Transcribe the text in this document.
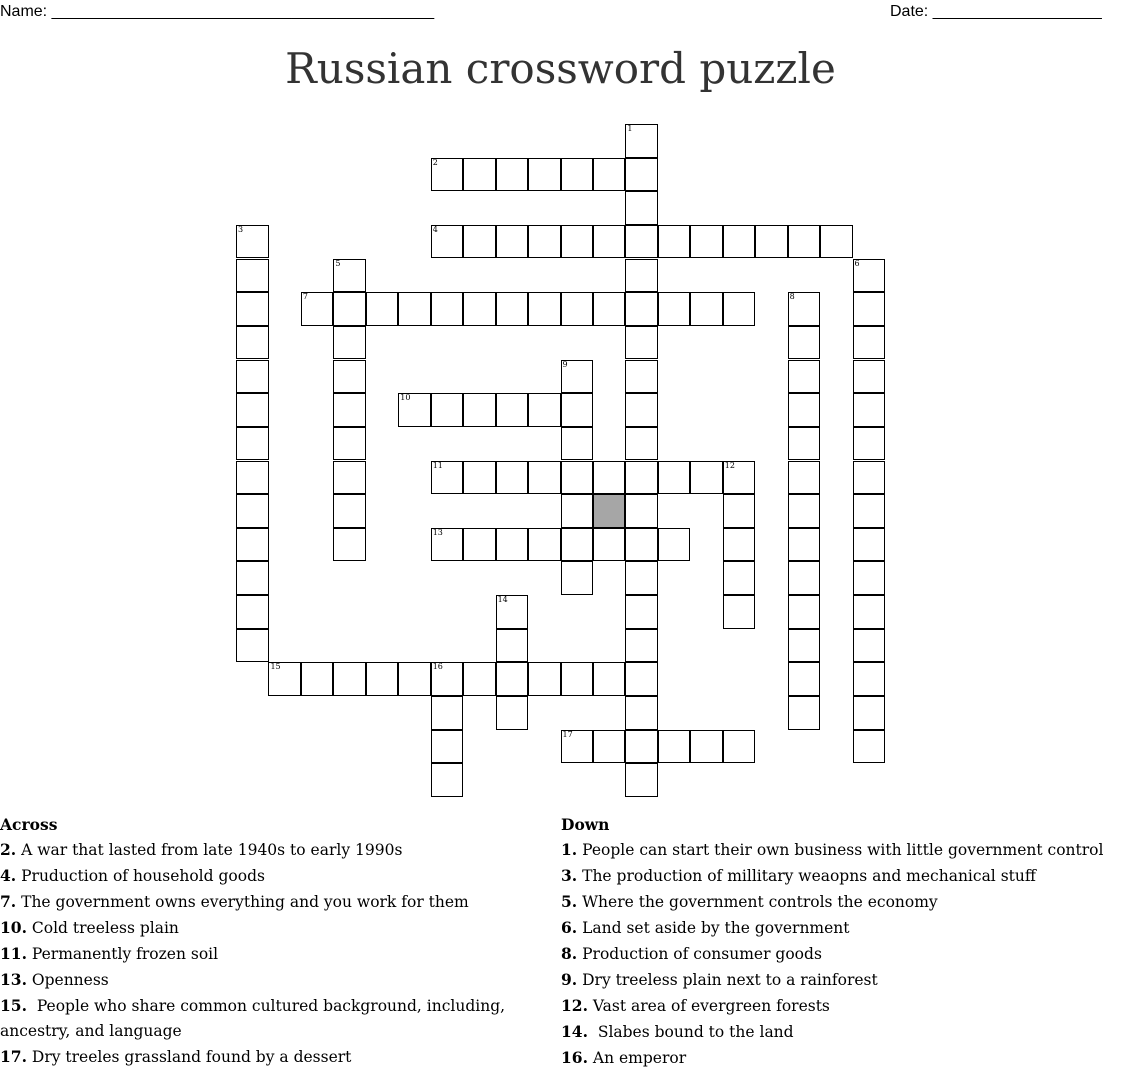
Name: ___________________________________________	Date: ___________________
Russian crossword puzzle
1
2
3	4
5	6
7	8
9
10
11	12
13
14
15	16
17
Across
2. A war that lasted from late 1940s to early 1990s
4. Pruduction of household goods
7. The government owns everything and you work for them
10. Cold treeless plain
11. Permanently frozen soil
13. Openness
15.  People who share common cultured background, including, ancestry, and language
17. Dry treeles grassland found by a dessert
Down
1. People can start their own business with little government control
3. The production of millitary weaopns and mechanical stuff
5. Where the government controls the economy
6. Land set aside by the government
8. Production of consumer goods
9. Dry treeless plain next to a rainforest
12. Vast area of evergreen forests
14.  Slabes bound to the land
16. An emperor
